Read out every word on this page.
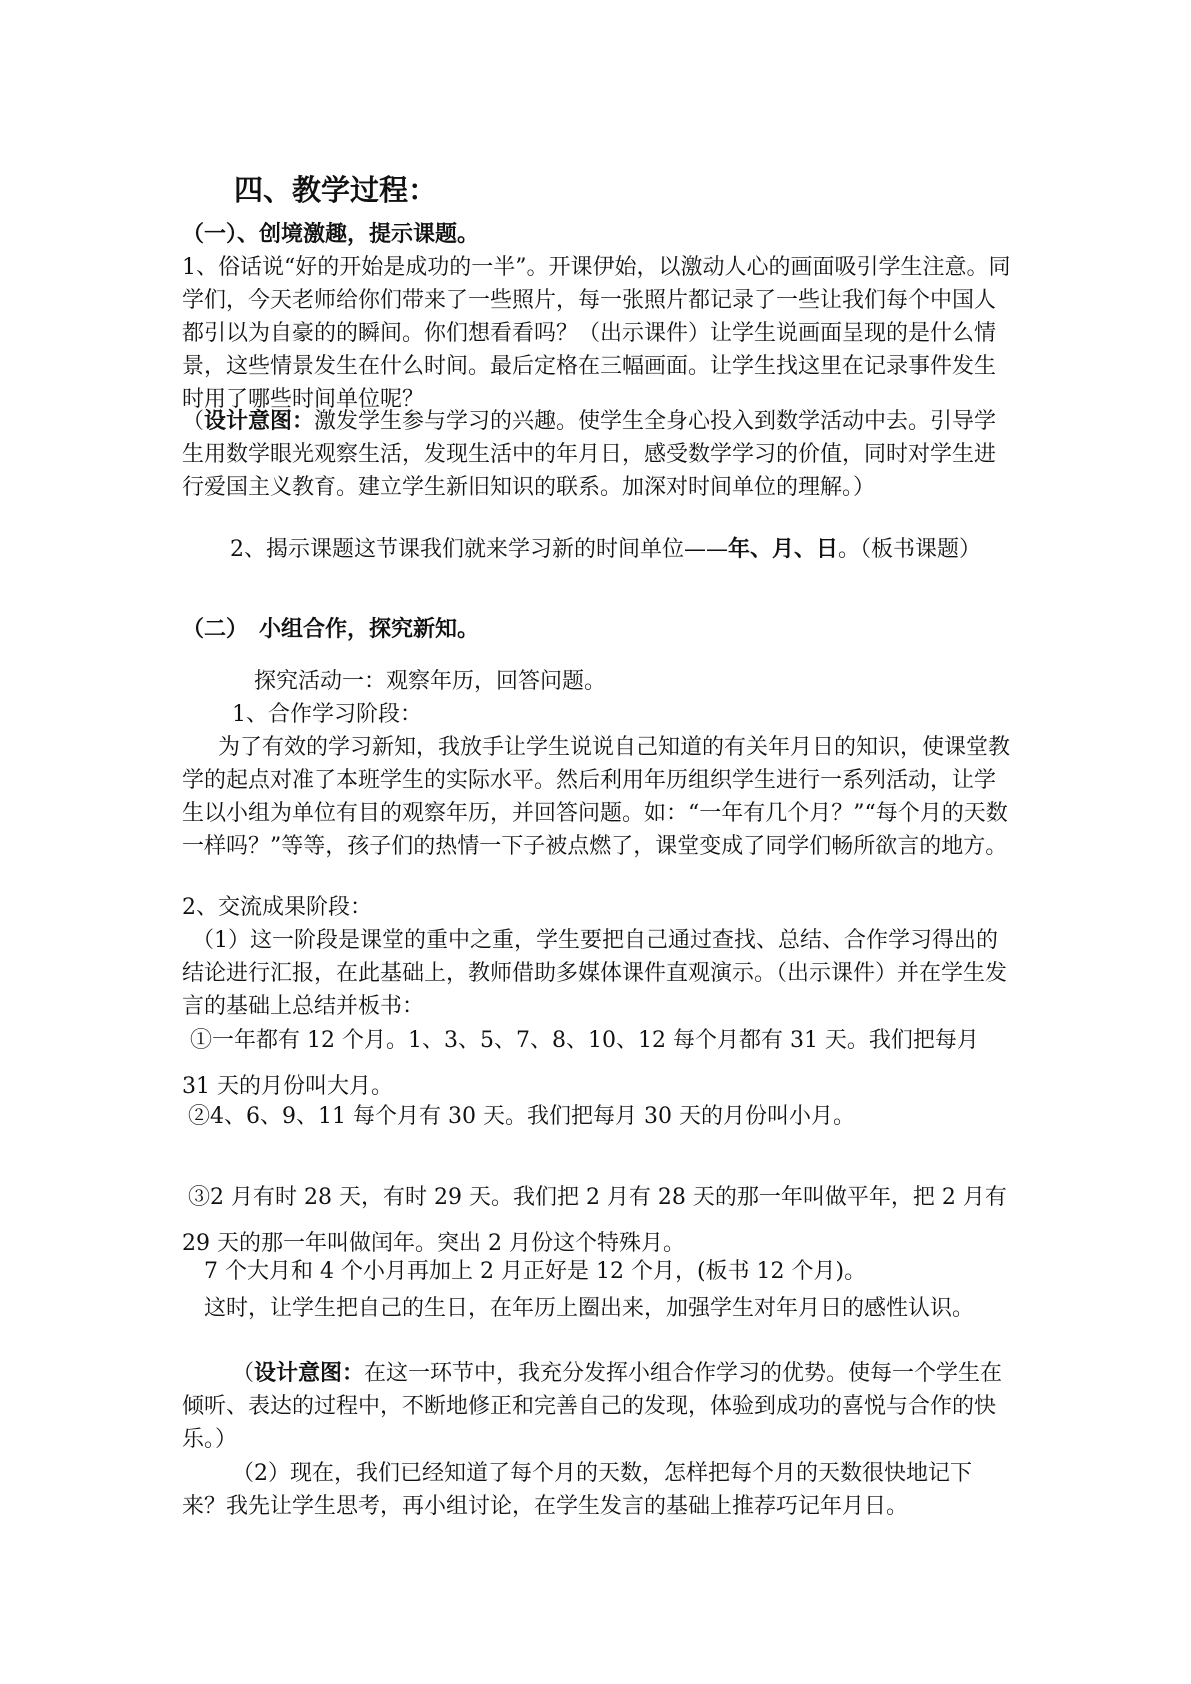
四、教学过程：
（一）、创境激趣，提示课题。
1、俗话说“好的开始是成功的一半”。开课伊始，以激动人心的画面吸引学生注意。同学们，今天老师给你们带来了一些照片，每一张照片都记录了一些让我们每个中国人都引以为自豪的的瞬间。你们想看看吗？（出示课件）让学生说画面呈现的是什么情景，这些情景发生在什么时间。最后定格在三幅画面。让学生找这里在记录事件发生时用了哪些时间单位呢？
（设计意图：激发学生参与学习的兴趣。使学生全身心投入到数学活动中去。引导学生用数学眼光观察生活，发现生活中的年月日，感受数学学习的价值，同时对学生进行爱国主义教育。建立学生新旧知识的联系。加深对时间单位的理解。）
2、揭示课题这节课我们就来学习新的时间单位——年、月、日。（板书课题）
（二）　小组合作，探究新知。
探究活动一：观察年历，回答问题。
1、合作学习阶段：
为了有效的学习新知，我放手让学生说说自己知道的有关年月日的知识，使课堂教学的起点对准了本班学生的实际水平。然后利用年历组织学生进行一系列活动，让学生以小组为单位有目的观察年历，并回答问题。如：“一年有几个月？”“每个月的天数一样吗？”等等，孩子们的热情一下子被点燃了，课堂变成了同学们畅所欲言的地方。
2、交流成果阶段：
（1）这一阶段是课堂的重中之重，学生要把自己通过查找、总结、合作学习得出的结论进行汇报，在此基础上，教师借助多媒体课件直观演示。（出示课件）并在学生发言的基础上总结并板书：
①一年都有 12 个月。1、3、5、7、8、10、12 每个月都有 31 天。我们把每月 31 天的月份叫大月。
②4、6、9、11 每个月有 30 天。我们把每月 30 天的月份叫小月。
③2 月有时 28 天，有时 29 天。我们把 2 月有 28 天的那一年叫做平年，把 2 月有 29 天的那一年叫做闰年。突出 2 月份这个特殊月。
7 个大月和 4 个小月再加上 2 月正好是 12 个月，(板书 12 个月)。
这时，让学生把自己的生日，在年历上圈出来，加强学生对年月日的感性认识。
（设计意图：在这一环节中，我充分发挥小组合作学习的优势。使每一个学生在倾听、表达的过程中，不断地修正和完善自己的发现，体验到成功的喜悦与合作的快乐。）
（2）现在，我们已经知道了每个月的天数，怎样把每个月的天数很快地记下来？我先让学生思考，再小组讨论，在学生发言的基础上推荐巧记年月日。
